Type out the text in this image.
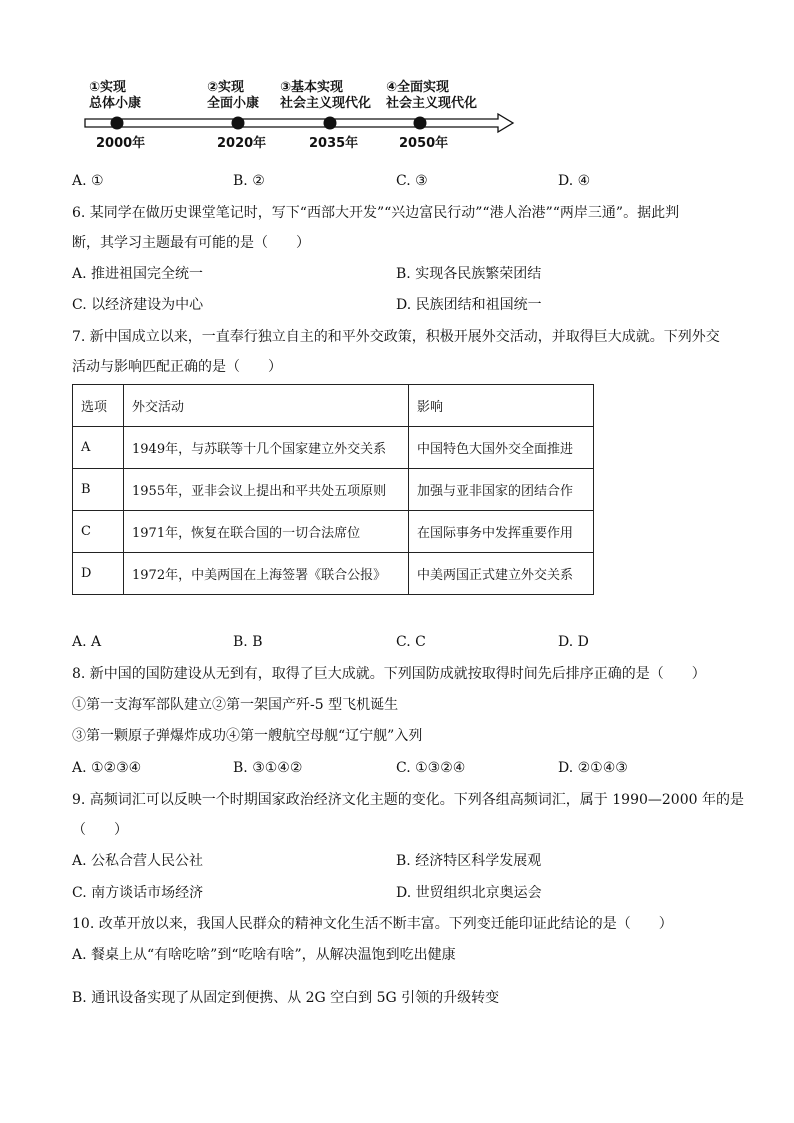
①实现
总体小康
②实现
全面小康
③基本实现
社会主义现代化
④全面实现
社会主义现代化
2000年	2020年	2035年	2050年
A. ①	B. ②	C. ③	D. ④
6. 某同学在做历史课堂笔记时，写下“西部大开发”“兴边富民行动”“港人治港”“两岸三通”。据此判
断，其学习主题最有可能的是（　　）
A. 推进祖国完全统一	B. 实现各民族繁荣团结
C. 以经济建设为中心	D. 民族团结和祖国统一
7. 新中国成立以来，一直奉行独立自主的和平外交政策，积极开展外交活动，并取得巨大成就。下列外交
活动与影响匹配正确的是（　　）
选项	外交活动	影响
A	1949年，与苏联等十几个国家建立外交关系	中国特色大国外交全面推进
B	1955年，亚非会议上提出和平共处五项原则	加强与亚非国家的团结合作
C	1971年，恢复在联合国的一切合法席位	在国际事务中发挥重要作用
D	1972年，中美两国在上海签署《联合公报》	中美两国正式建立外交关系
A. A	B. B	C. C	D. D
8. 新中国的国防建设从无到有，取得了巨大成就。下列国防成就按取得时间先后排序正确的是（　　）
①第一支海军部队建立②第一架国产歼-5 型飞机诞生
③第一颗原子弹爆炸成功④第一艘航空母舰“辽宁舰”入列
A. ①②③④	B. ③①④②	C. ①③②④	D. ②①④③
9. 高频词汇可以反映一个时期国家政治经济文化主题的变化。下列各组高频词汇，属于 1990—2000 年的是
（　　）
A. 公私合营人民公社	B. 经济特区科学发展观
C. 南方谈话市场经济	D. 世贸组织北京奥运会
10. 改革开放以来，我国人民群众的精神文化生活不断丰富。下列变迁能印证此结论的是（　　）
A. 餐桌上从“有啥吃啥”到“吃啥有啥”，从解决温饱到吃出健康
B. 通讯设备实现了从固定到便携、从 2G 空白到 5G 引领的升级转变
